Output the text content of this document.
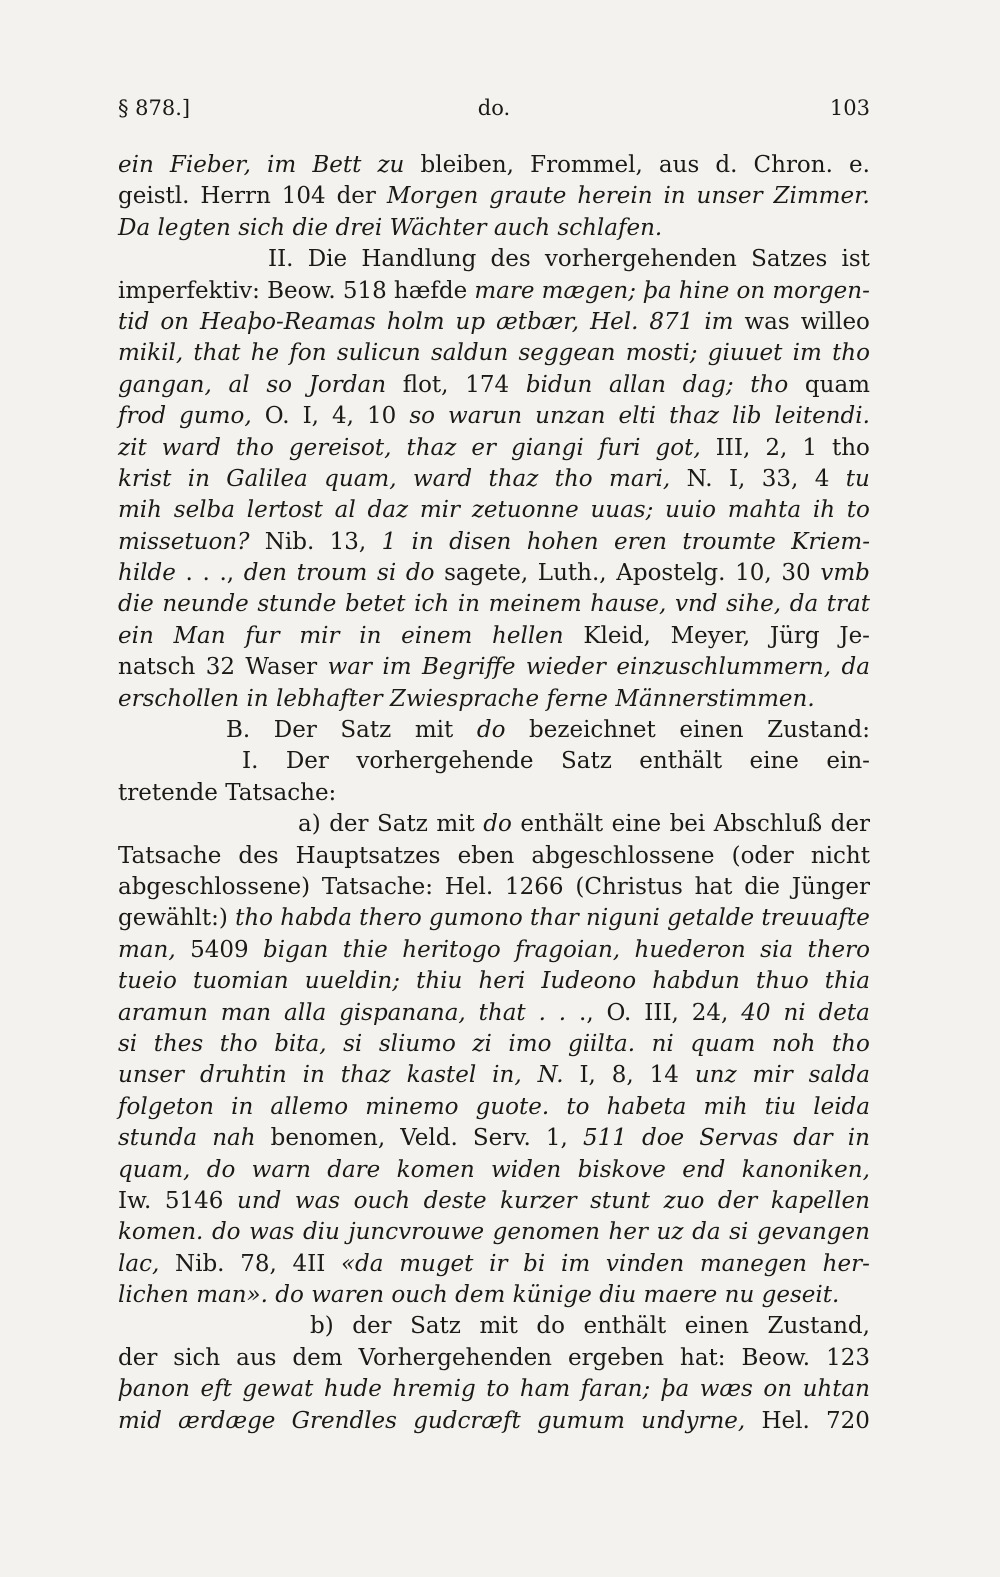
§ 878.]	do.	103
ein Fieber, im Bett zu bleiben, Frommel, aus d. Chron. e.
geistl. Herrn 104 der Morgen graute herein in unser Zimmer.
Da legten sich die drei Wächter auch schlafen.
II. Die Handlung des vorhergehenden Satzes ist
imperfektiv: Beow. 518 hæfde mare mægen; þa hine on morgen-
tid on Heaþo-Reamas holm up ætbær, Hel. 871 im was willeo
mikil, that he fon sulicun saldun seggean mosti; giuuet im tho
gangan, al so Jordan flot, 174 bidun allan dag; tho quam
frod gumo, O. I, 4, 10 so warun unzan elti thaz lib leitendi.
zit ward tho gereisot, thaz er giangi furi got, III, 2, 1 tho
krist in Galilea quam, ward thaz tho mari, N. I, 33, 4 tu
mih selba lertost al daz mir zetuonne uuas; uuio mahta ih to
missetuon? Nib. 13, 1 in disen hohen eren troumte Kriem-
hilde . . ., den troum si do sagete, Luth., Apostelg. 10, 30 vmb
die neunde stunde betet ich in meinem hause, vnd sihe, da trat
ein Man fur mir in einem hellen Kleid, Meyer, Jürg Je-
natsch 32 Waser war im Begriffe wieder einzuschlummern, da
erschollen in lebhafter Zwiesprache ferne Männerstimmen.
B. Der Satz mit do bezeichnet einen Zustand:
I. Der vorhergehende Satz enthält eine ein-
tretende Tatsache:
a) der Satz mit do enthält eine bei Abschluß der
Tatsache des Hauptsatzes eben abgeschlossene (oder nicht
abgeschlossene) Tatsache: Hel. 1266 (Christus hat die Jünger
gewählt:) tho habda thero gumono thar niguni getalde treuuafte
man, 5409 bigan thie heritogo fragoian, huederon sia thero
tueio tuomian uueldin; thiu heri Iudeono habdun thuo thia
aramun man alla gispanana, that . . ., O. III, 24, 40 ni deta
si thes tho bita, si sliumo zi imo giilta. ni quam noh tho
unser druhtin in thaz kastel in, N. I, 8, 14 unz mir salda
folgeton in allemo minemo guote. to habeta mih tiu leida
stunda nah benomen, Veld. Serv. 1, 511 doe Servas dar in
quam, do warn dare komen widen biskove end kanoniken,
Iw. 5146 und was ouch deste kurzer stunt zuo der kapellen
komen. do was diu juncvrouwe genomen her uz da si gevangen
lac, Nib. 78, 4II «da muget ir bi im vinden manegen her-
lichen man». do waren ouch dem künige diu maere nu geseit.
b) der Satz mit do enthält einen Zustand,
der sich aus dem Vorhergehenden ergeben hat: Beow. 123
þanon eft gewat hude hremig to ham faran; þa wæs on uhtan
mid ærdæge Grendles gudcræft gumum undyrne, Hel. 720
